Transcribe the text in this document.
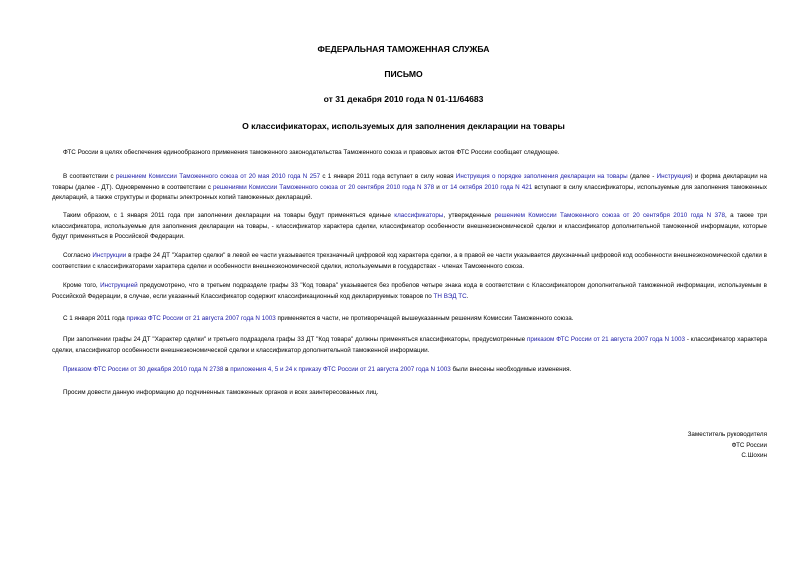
ФЕДЕРАЛЬНАЯ ТАМОЖЕННАЯ СЛУЖБА
ПИСЬМО
от 31 декабря 2010 года N 01-11/64683
О классификаторах, используемых для заполнения декларации на товары
ФТС России в целях обеспечения единообразного применения таможенного законодательства Таможенного союза и правовых актов ФТС России сообщает следующее.
В соответствии с решением Комиссии Таможенного союза от 20 мая 2010 года N 257 с 1 января 2011 года вступает в силу новая Инструкция о порядке заполнения декларации на товары (далее - Инструкция) и форма декларации на товары (далее - ДТ). Одновременно в соответствии с решениями Комиссии Таможенного союза от 20 сентября 2010 года N 378 и от 14 октября 2010 года N 421 вступают в силу классификаторы, используемые для заполнения таможенных деклараций, а также структуры и форматы электронных копий таможенных деклараций.
Таким образом, с 1 января 2011 года при заполнении декларации на товары будут применяться единые классификаторы, утвержденные решением Комиссии Таможенного союза от 20 сентября 2010 года N 378, а также три классификатора, используемые для заполнения декларации на товары, - классификатор характера сделки, классификатор особенности внешнеэкономической сделки и классификатор дополнительной таможенной информации, которые будут применяться в Российской Федерации.
Согласно Инструкции в графе 24 ДТ "Характер сделки" в левой ее части указывается трехзначный цифровой код характера сделки, а в правой ее части указывается двухзначный цифровой код особенности внешнеэкономической сделки в соответствии с классификаторами характера сделки и особенности внешнеэкономической сделки, используемыми в государствах - членах Таможенного союза.
Кроме того, Инструкцией предусмотрено, что в третьем подразделе графы 33 "Код товара" указывается без пробелов четыре знака кода в соответствии с Классификатором дополнительной таможенной информации, используемым в Российской Федерации, в случае, если указанный Классификатор содержит классификационный код декларируемых товаров по ТН ВЭД ТС.
С 1 января 2011 года приказ ФТС России от 21 августа 2007 года N 1003 применяется в части, не противоречащей вышеуказанным решениям Комиссии Таможенного союза.
При заполнении графы 24 ДТ "Характер сделки" и третьего подраздела графы 33 ДТ "Код товара" должны применяться классификаторы, предусмотренные приказом ФТС России от 21 августа 2007 года N 1003 - классификатор характера сделки, классификатор особенности внешнеэкономической сделки и классификатор дополнительной таможенной информации.
Приказом ФТС России от 30 декабря 2010 года N 2738 в приложения 4, 5 и 24 к приказу ФТС России от 21 августа 2007 года N 1003 были внесены необходимые изменения.
Просим довести данную информацию до подчиненных таможенных органов и всех заинтересованных лиц.
Заместитель руководителя
ФТС России
С.Шохин
